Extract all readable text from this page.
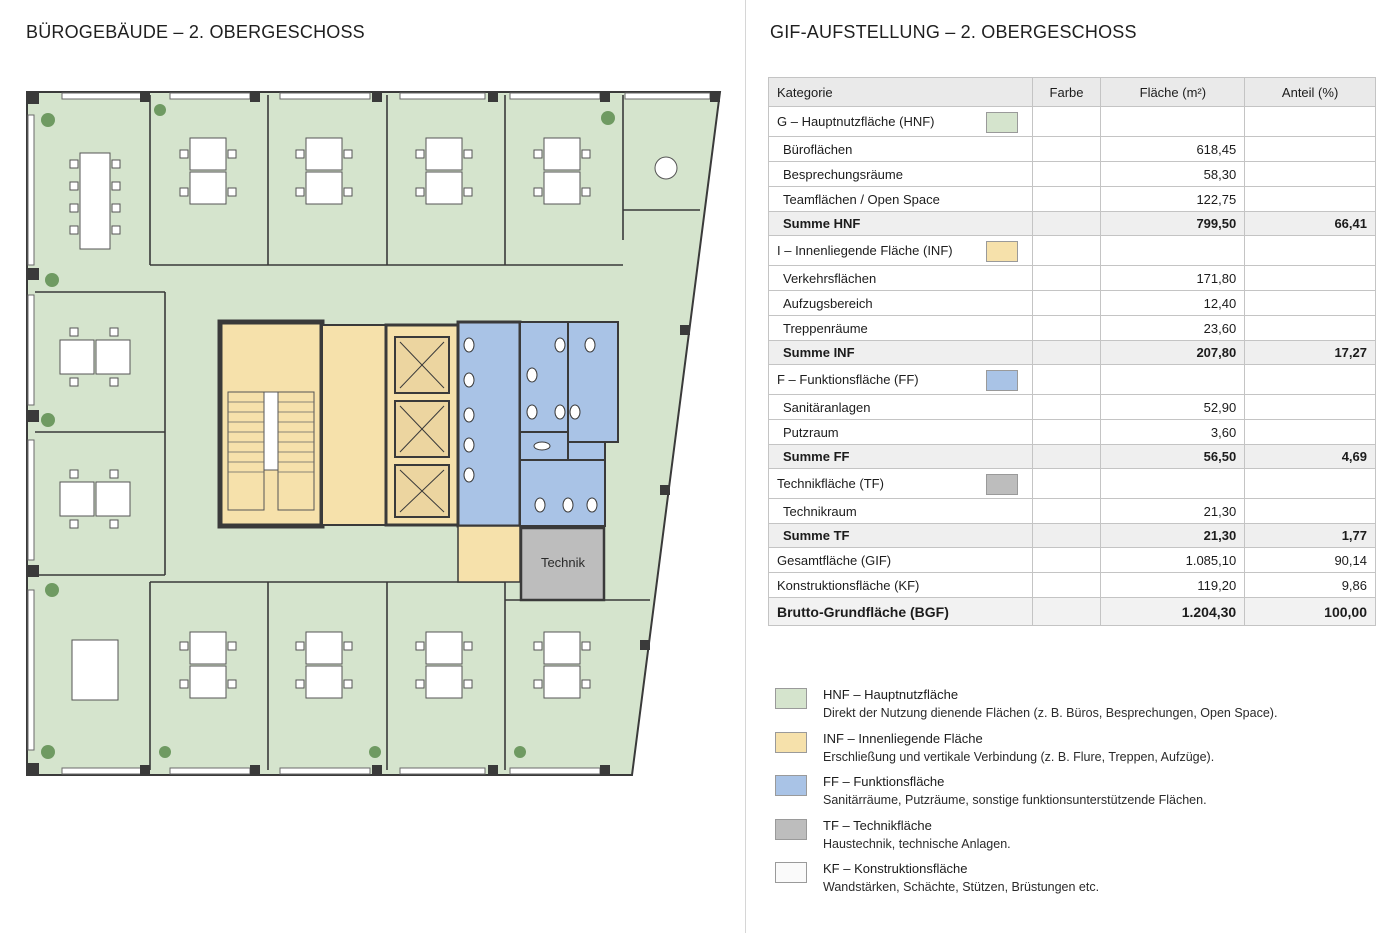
BÜROGEBÄUDE – 2. OBERGESCHOSS	GIF-AUFSTELLUNG – 2. OBERGESCHOSS
Technik
Kategorie	Farbe	Fläche (m²)	Anteil (%)
G – Hauptnutzfläche (HNF)

Büroflächen		618,45	
Besprechungsräume		58,30	
Teamflächen / Open Space		122,75	
Summe HNF		799,50	66,41
I – Innenliegende Fläche (INF)

Verkehrsflächen		171,80	
Aufzugsbereich		12,40	
Treppenräume		23,60	
Summe INF		207,80	17,27
F – Funktionsfläche (FF)

Sanitäranlagen		52,90	
Putzraum		3,60	
Summe FF		56,50	4,69
Technikfläche (TF)

Technikraum		21,30	
Summe TF		21,30	1,77
Gesamtfläche (GIF)		1.085,10	90,14
Konstruktionsfläche (KF)		119,20	9,86
Brutto-Grundfläche (BGF)		1.204,30	100,00
HNF – Hauptnutzfläche
Direkt der Nutzung dienende Flächen (z. B. Büros, Besprechungen, Open Space).
INF – Innenliegende Fläche
Erschließung und vertikale Verbindung (z. B. Flure, Treppen, Aufzüge).
FF – Funktionsfläche
Sanitärräume, Putzräume, sonstige funktionsunterstützende Flächen.
TF – Technikfläche
Haustechnik, technische Anlagen.
KF – Konstruktionsfläche
Wandstärken, Schächte, Stützen, Brüstungen etc.
